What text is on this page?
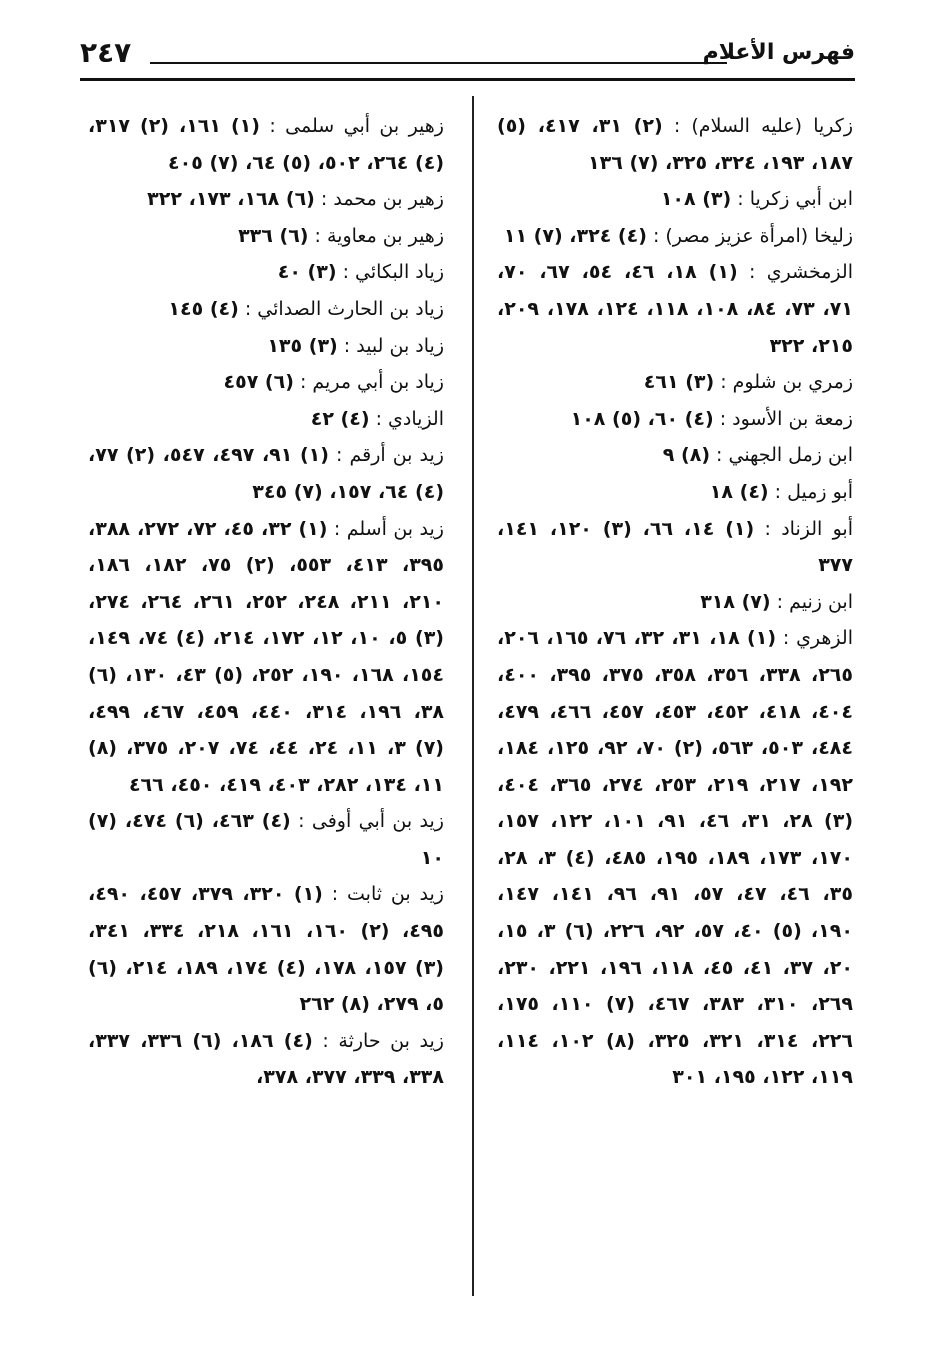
٢٤٧	فهرس الأعلام

زكريا (عليه السلام) : (٢) ٣١، ٤١٧، (٥) ١٨٧، ١٩٣، ٣٢٤، ٣٢٥، (٧) ١٣٦

ابن أبي زكريا : (٣) ١٠٨

زليخا (امرأة عزيز مصر) : (٤) ٣٢٤، (٧) ١١

الزمخشري : (١) ١٨، ٤٦، ٥٤، ٦٧، ٧٠، ٧١، ٧٣، ٨٤، ١٠٨، ١١٨، ١٢٤، ١٧٨، ٢٠٩، ٢١٥، ٣٢٢

زمري بن شلوم : (٣) ٤٦١

زمعة بن الأسود : (٤) ٦٠، (٥) ١٠٨

ابن زمل الجهني : (٨) ٩

أبو زميل : (٤) ١٨

أبو الزناد : (١) ١٤، ٦٦، (٣) ١٢٠، ١٤١، ٣٧٧

ابن زنيم : (٧) ٣١٨

الزهري : (١) ١٨، ٣١، ٣٢، ٧٦، ١٦٥، ٢٠٦، ٢٦٥، ٣٣٨، ٣٥٦، ٣٥٨، ٣٧٥، ٣٩٥، ٤٠٠، ٤٠٤، ٤١٨، ٤٥٢، ٤٥٣، ٤٥٧، ٤٦٦، ٤٧٩، ٤٨٤، ٥٠٣، ٥٦٣، (٢) ٧٠، ٩٢، ١٢٥، ١٨٤، ١٩٢، ٢١٧، ٢١٩، ٢٥٣، ٢٧٤، ٣٦٥، ٤٠٤، (٣) ٢٨، ٣١، ٤٦، ٩١، ١٠١، ١٢٢، ١٥٧، ١٧٠، ١٧٣، ١٨٩، ١٩٥، ٤٨٥، (٤) ٣، ٢٨، ٣٥، ٤٦، ٤٧، ٥٧، ٩١، ٩٦، ١٤١، ١٤٧، ١٩٠، (٥) ٤٠، ٥٧، ٩٢، ٢٢٦، (٦) ٣، ١٥، ٢٠، ٣٧، ٤١، ٤٥، ١١٨، ١٩٦، ٢٢١، ٢٣٠، ٢٦٩، ٣١٠، ٣٨٣، ٤٦٧، (٧) ١١٠، ١٧٥، ٢٢٦، ٣١٤، ٣٢١، ٣٢٥، (٨) ١٠٢، ١١٤، ١١٩، ١٢٢، ١٩٥، ٣٠١

زهير بن أبي سلمى : (١) ١٦١، (٢) ٣١٧، (٤) ٢٦٤، ٥٠٢، (٥) ٦٤، (٧) ٤٠٥

زهير بن محمد : (٦) ١٦٨، ١٧٣، ٣٢٢

زهير بن معاوية : (٦) ٣٣٦

زياد البكائي : (٣) ٤٠

زياد بن الحارث الصدائي : (٤) ١٤٥

زياد بن لبيد : (٣) ١٣٥

زياد بن أبي مريم : (٦) ٤٥٧

الزيادي : (٤) ٤٢

زيد بن أرقم : (١) ٩١، ٤٩٧، ٥٤٧، (٢) ٧٧، (٤) ٦٤، ١٥٧، (٧) ٣٤٥

زيد بن أسلم : (١) ٣٢، ٤٥، ٧٢، ٢٧٢، ٣٨٨، ٣٩٥، ٤١٣، ٥٥٣، (٢) ٧٥، ١٨٢، ١٨٦، ٢١٠، ٢١١، ٢٤٨، ٢٥٢، ٢٦١، ٢٦٤، ٢٧٤، (٣) ٥، ١٠، ١٢، ١٧٢، ٢١٤، (٤) ٧٤، ١٤٩، ١٥٤، ١٦٨، ١٩٠، ٢٥٢، (٥) ٤٣، ١٣٠، (٦) ٣٨، ١٩٦، ٣١٤، ٤٤٠، ٤٥٩، ٤٦٧، ٤٩٩، (٧) ٣، ١١، ٢٤، ٤٤، ٧٤، ٢٠٧، ٣٧٥، (٨) ١١، ١٣٤، ٢٨٢، ٤٠٣، ٤١٩، ٤٥٠، ٤٦٦

زيد بن أبي أوفى : (٤) ٤٦٣، (٦) ٤٧٤، (٧) ١٠

زيد بن ثابت : (١) ٣٢٠، ٣٧٩، ٤٥٧، ٤٩٠، ٤٩٥، (٢) ١٦٠، ١٦١، ٢١٨، ٣٣٤، ٣٤١، (٣) ١٥٧، ١٧٨، (٤) ١٧٤، ١٨٩، ٢١٤، (٦) ٥، ٢٧٩، (٨) ٢٦٢

زيد بن حارثة : (٤) ١٨٦، (٦) ٣٣٦، ٣٣٧، ٣٣٨، ٣٣٩، ٣٧٧، ٣٧٨،
